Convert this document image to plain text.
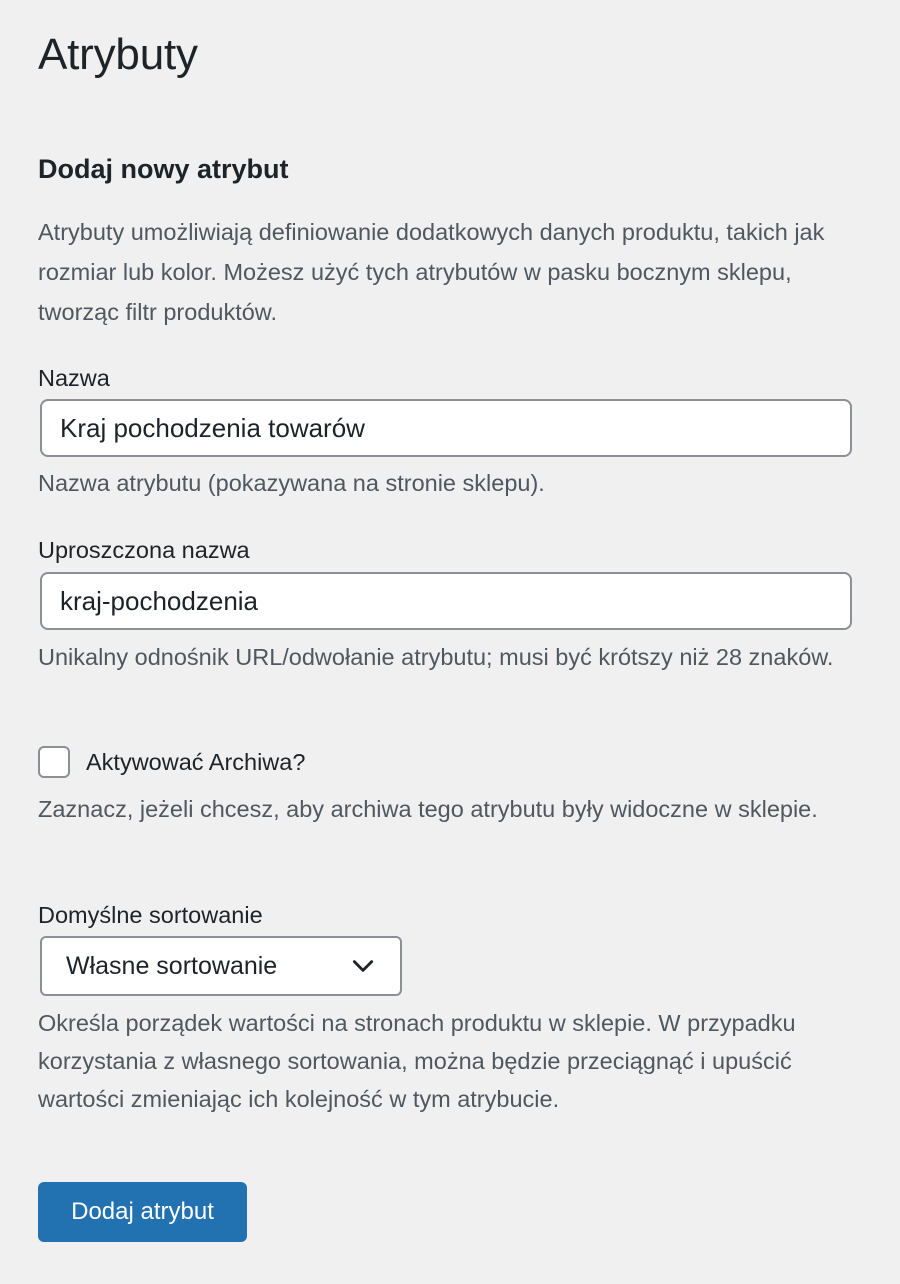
Atrybuty
Dodaj nowy atrybut

Atrybuty umożliwiają definiowanie dodatkowych danych produktu, takich jak rozmiar lub kolor. Możesz użyć tych atrybutów w pasku bocznym sklepu, tworząc filtr produktów.

Nazwa
Kraj pochodzenia towarów

Nazwa atrybutu (pokazywana na stronie sklepu).

Uproszczona nazwa
kraj-pochodzenia

Unikalny odnośnik URL/odwołanie atrybutu; musi być krótszy niż 28 znaków.

Aktywować Archiwa?

Zaznacz, jeżeli chcesz, aby archiwa tego atrybutu były widoczne w sklepie.

Domyślne sortowanie
Własne sortowanie

Określa porządek wartości na stronach produktu w sklepie. W przypadku korzystania z własnego sortowania, można będzie przeciągnąć i upuścić wartości zmieniając ich kolejność w tym atrybucie.

Dodaj atrybut
